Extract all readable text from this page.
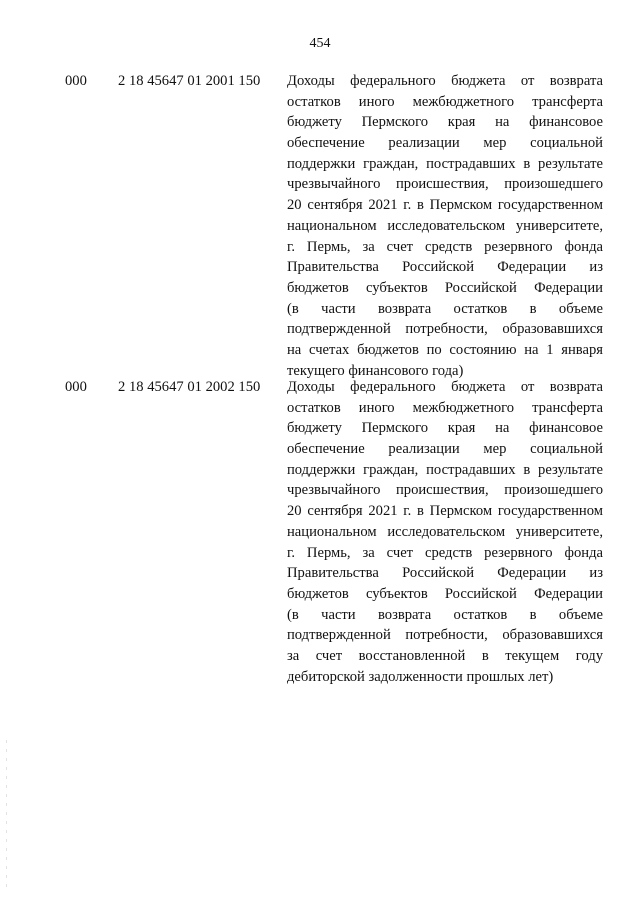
454
000 2 18 45647 01 2001 150 Доходы федерального бюджета от возврата
остатков иного межбюджетного трансферта
бюджету Пермского края на финансовое
обеспечение реализации мер социальной
поддержки граждан, пострадавших в результате
чрезвычайного происшествия, произошедшего
20 сентября 2021 г. в Пермском государственном
национальном исследовательском университете,
г. Пермь, за счет средств резервного фонда
Правительства Российской Федерации из
бюджетов субъектов Российской Федерации
(в части возврата остатков в объеме
подтвержденной потребности, образовавшихся
на счетах бюджетов по состоянию на 1 января
текущего финансового года)
000 2 18 45647 01 2002 150 Доходы федерального бюджета от возврата
остатков иного межбюджетного трансферта
бюджету Пермского края на финансовое
обеспечение реализации мер социальной
поддержки граждан, пострадавших в результате
чрезвычайного происшествия, произошедшего
20 сентября 2021 г. в Пермском государственном
национальном исследовательском университете,
г. Пермь, за счет средств резервного фонда
Правительства Российской Федерации из
бюджетов субъектов Российской Федерации
(в части возврата остатков в объеме
подтвержденной потребности, образовавшихся
за счет восстановленной в текущем году
дебиторской задолженности прошлых лет)
